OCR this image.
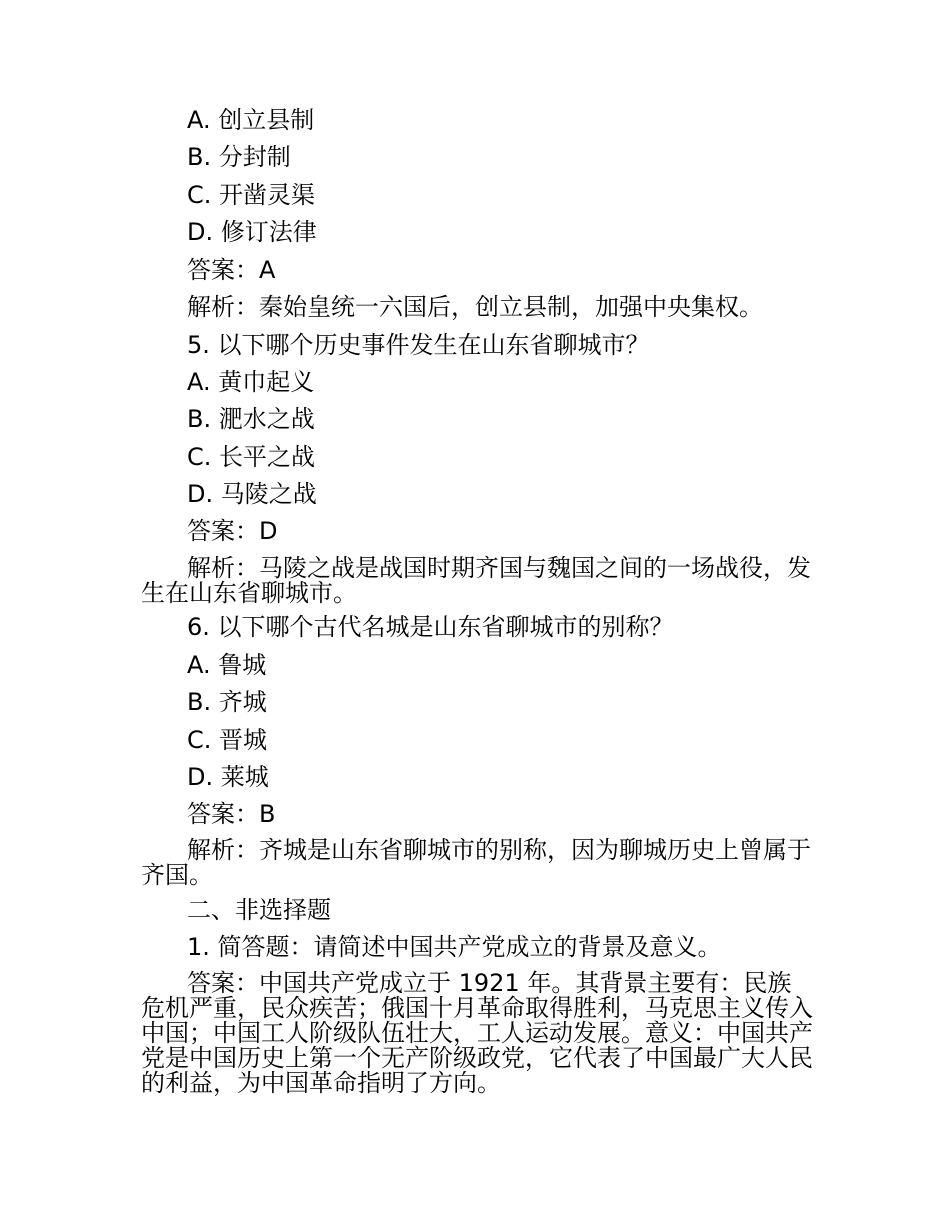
A. 创立县制
B. 分封制
C. 开凿灵渠
D. 修订法律
答案：A
解析：秦始皇统一六国后，创立县制，加强中央集权。
5. 以下哪个历史事件发生在山东省聊城市？
A. 黄巾起义
B. 淝水之战
C. 长平之战
D. 马陵之战
答案：D
解析：马陵之战是战国时期齐国与魏国之间的一场战役，发生在山东省聊城市。
6. 以下哪个古代名城是山东省聊城市的别称？
A. 鲁城
B. 齐城
C. 晋城
D. 莱城
答案：B
解析：齐城是山东省聊城市的别称，因为聊城历史上曾属于齐国。
二、非选择题
1. 简答题：请简述中国共产党成立的背景及意义。
答案：中国共产党成立于 1921 年。其背景主要有：民族危机严重，民众疾苦；俄国十月革命取得胜利，马克思主义传入中国；中国工人阶级队伍壮大，工人运动发展。意义：中国共产党是中国历史上第一个无产阶级政党，它代表了中国最广大人民的利益，为中国革命指明了方向。
